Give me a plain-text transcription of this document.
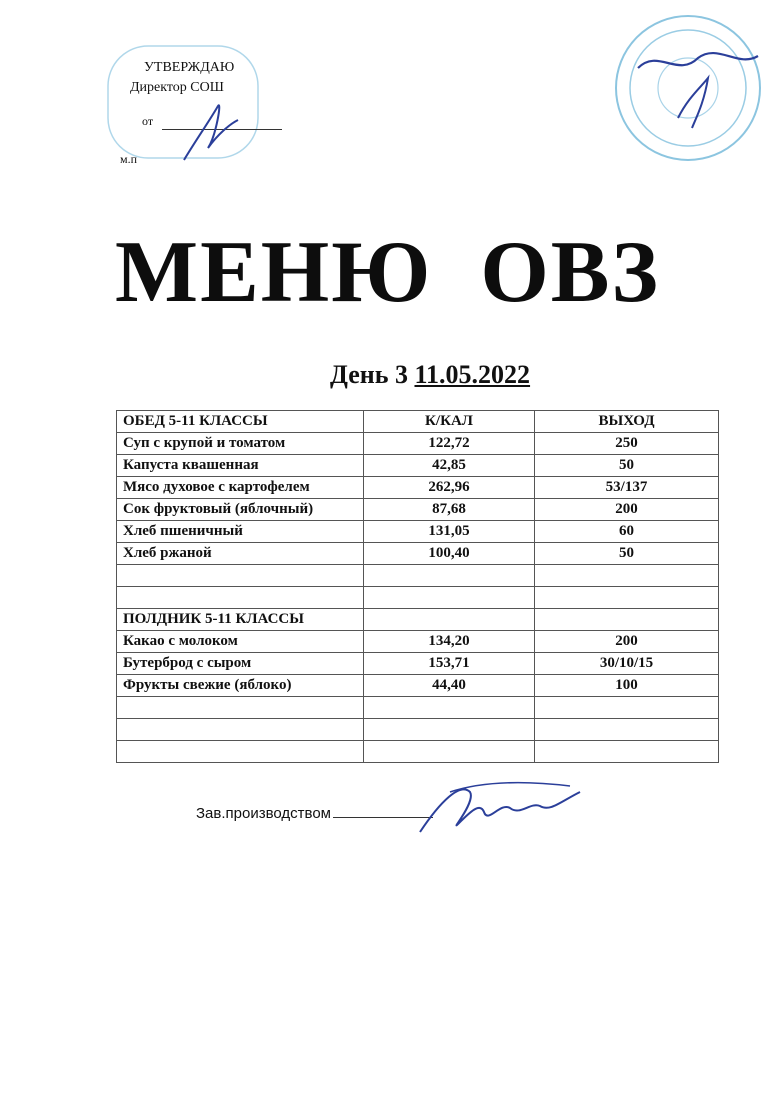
УТВЕРЖДАЮ
Директор СОШ
от
м.п
МЕНЮ ОВЗ
День 3 11.05.2022
ОБЕД 5-11 КЛАССЫ	К/КАЛ	ВЫХОД
Суп с крупой и томатом	122,72	250
Капуста квашенная	42,85	50
Мясо духовое с картофелем	262,96	53/137
Сок фруктовый (яблочный)	87,68	200
Хлеб пшеничный	131,05	60
Хлеб ржаной	100,40	50

ПОЛДНИК 5-11 КЛАССЫ		
Какао с молоком	134,20	200
Бутерброд с сыром	153,71	30/10/15
Фрукты свежие (яблоко)	44,40	100

Зав.производством
